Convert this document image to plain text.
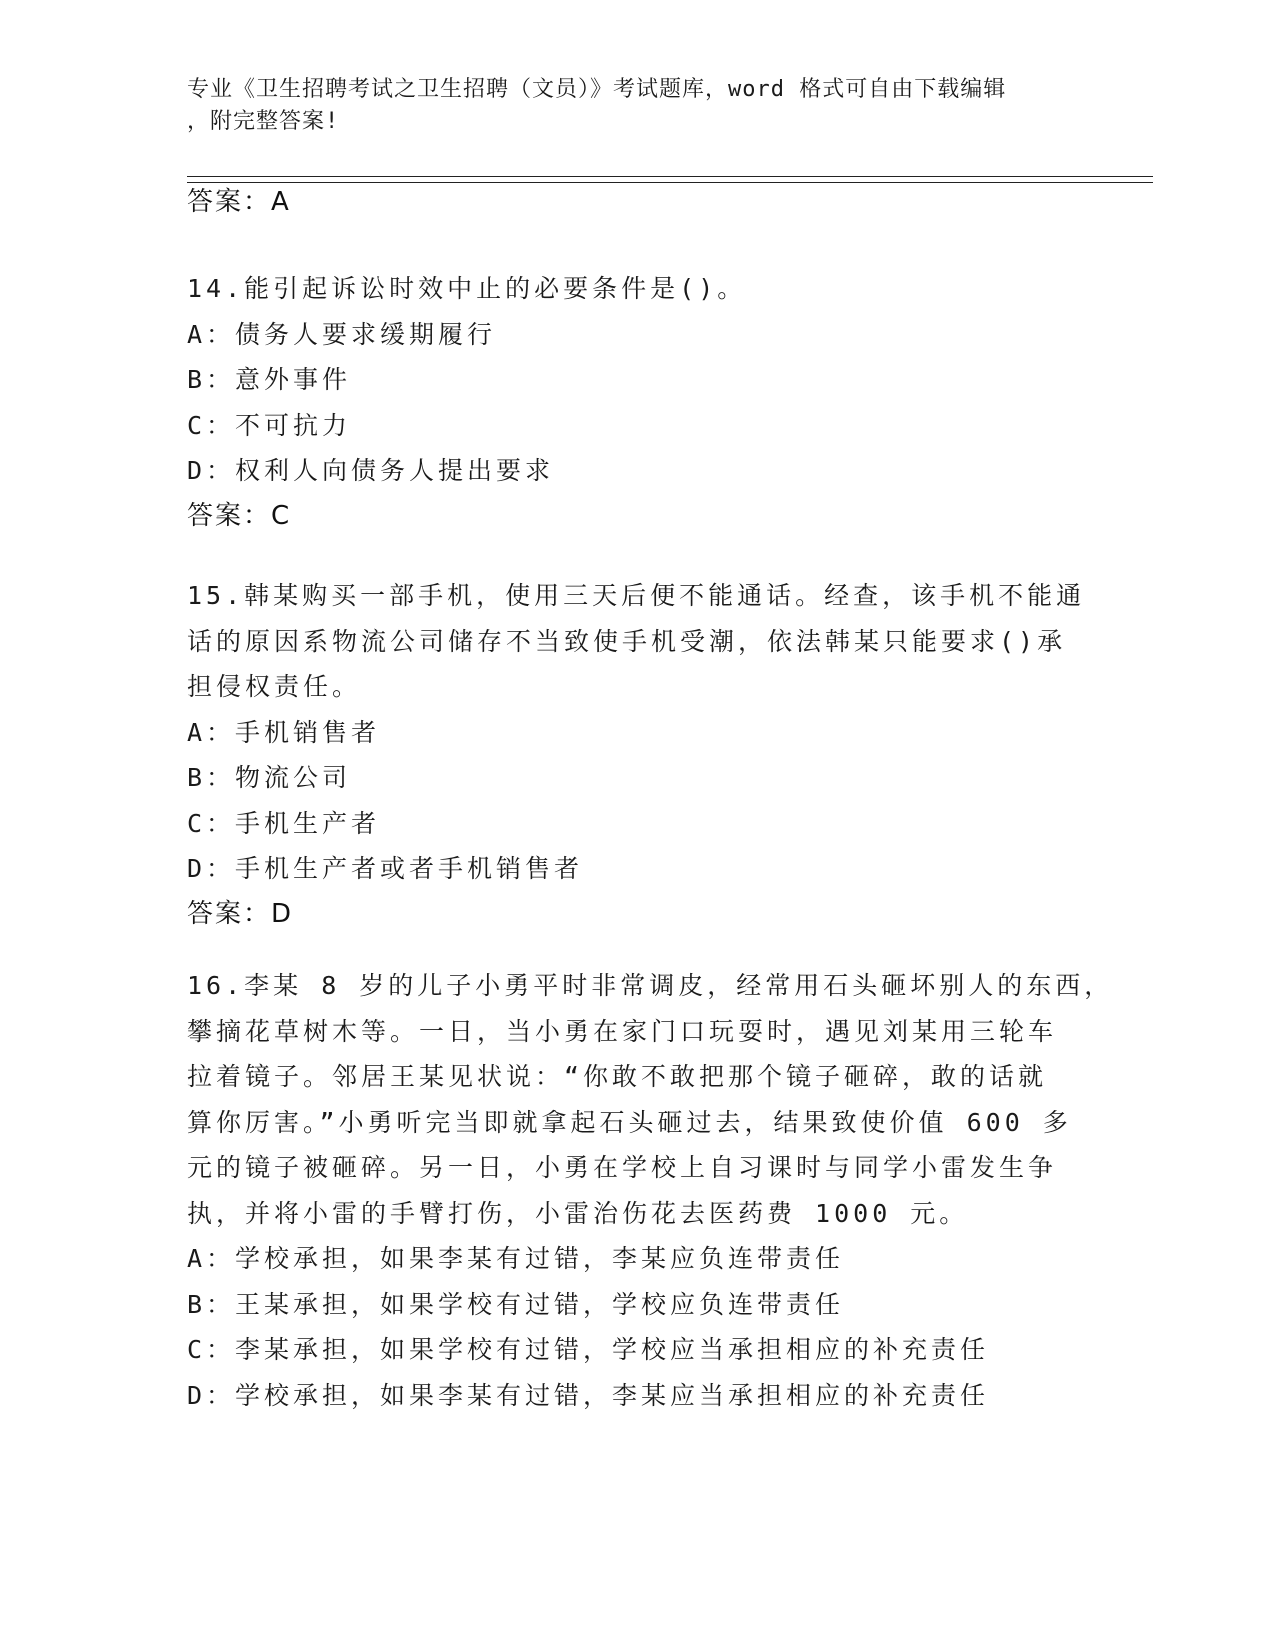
专业《卫生招聘考试之卫生招聘（文员）》考试题库，word 格式可自由下载编辑
，附完整答案!
答案：A
14.能引起诉讼时效中止的必要条件是()。
A：债务人要求缓期履行
B：意外事件
C：不可抗力
D：权利人向债务人提出要求
答案：C
15.韩某购买一部手机，使用三天后便不能通话。经查，该手机不能通
话的原因系物流公司储存不当致使手机受潮，依法韩某只能要求()承
担侵权责任。
A：手机销售者
B：物流公司
C：手机生产者
D：手机生产者或者手机销售者
答案：D
16.李某 8 岁的儿子小勇平时非常调皮，经常用石头砸坏别人的东西，
攀摘花草树木等。一日，当小勇在家门口玩耍时，遇见刘某用三轮车
拉着镜子。邻居王某见状说：“你敢不敢把那个镜子砸碎，敢的话就
算你厉害。”小勇听完当即就拿起石头砸过去，结果致使价值 600 多
元的镜子被砸碎。另一日，小勇在学校上自习课时与同学小雷发生争
执，并将小雷的手臂打伤，小雷治伤花去医药费 1000 元。
A：学校承担，如果李某有过错，李某应负连带责任
B：王某承担，如果学校有过错，学校应负连带责任
C：李某承担，如果学校有过错，学校应当承担相应的补充责任
D：学校承担，如果李某有过错，李某应当承担相应的补充责任
